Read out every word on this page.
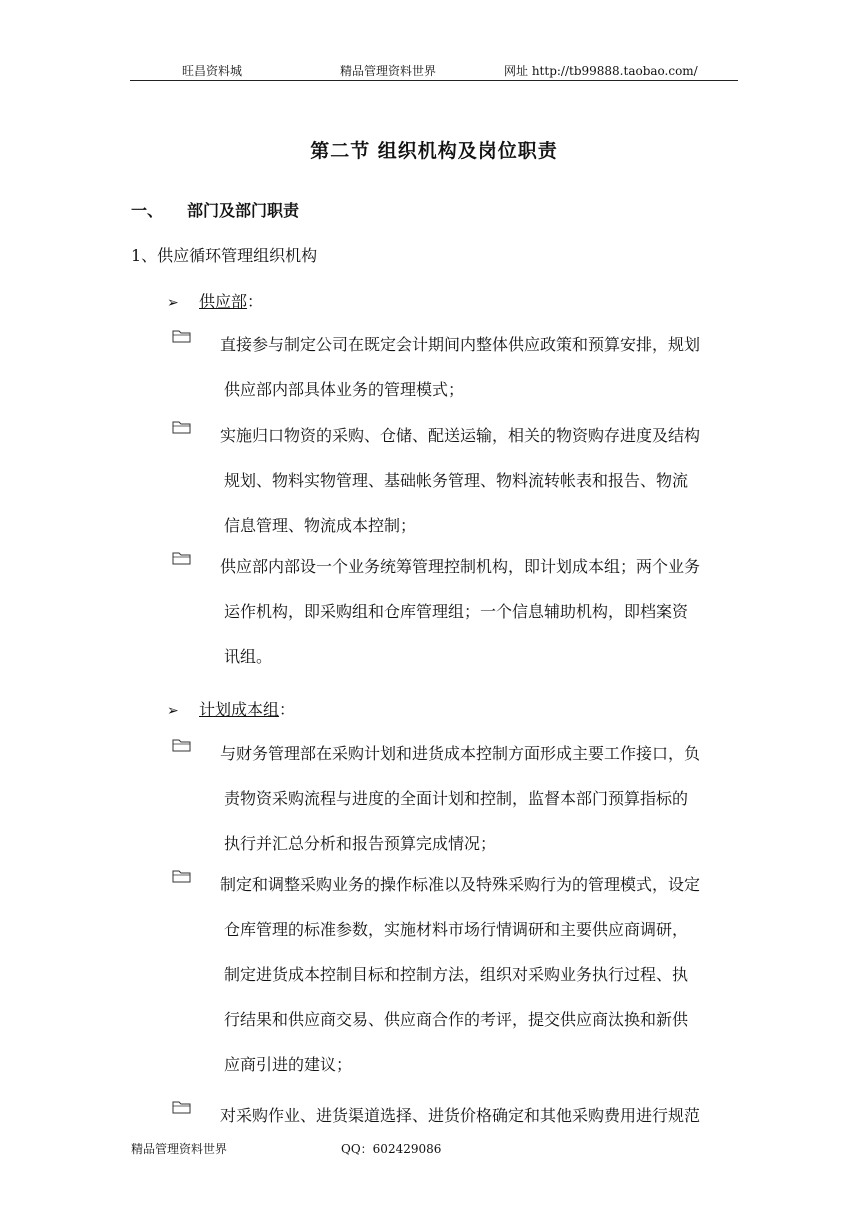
旺昌资料城	精品管理资料世界	网址 http://tb99888.taobao.com/
第二节 组织机构及岗位职责
一、 部门及部门职责
1、供应循环管理组织机构
➢ 供应部：
直接参与制定公司在既定会计期间内整体供应政策和预算安排，规划
供应部内部具体业务的管理模式；
实施归口物资的采购、仓储、配送运输，相关的物资购存进度及结构
规划、物料实物管理、基础帐务管理、物料流转帐表和报告、物流
信息管理、物流成本控制；
供应部内部设一个业务统筹管理控制机构，即计划成本组；两个业务
运作机构，即采购组和仓库管理组；一个信息辅助机构，即档案资
讯组。
➢ 计划成本组：
与财务管理部在采购计划和进货成本控制方面形成主要工作接口，负
责物资采购流程与进度的全面计划和控制，监督本部门预算指标的
执行并汇总分析和报告预算完成情况；
制定和调整采购业务的操作标准以及特殊采购行为的管理模式，设定
仓库管理的标准参数，实施材料市场行情调研和主要供应商调研，
制定进货成本控制目标和控制方法，组织对采购业务执行过程、执
行结果和供应商交易、供应商合作的考评，提交供应商汰换和新供
应商引进的建议；
对采购作业、进货渠道选择、进货价格确定和其他采购费用进行规范
精品管理资料世界	QQ：602429086
